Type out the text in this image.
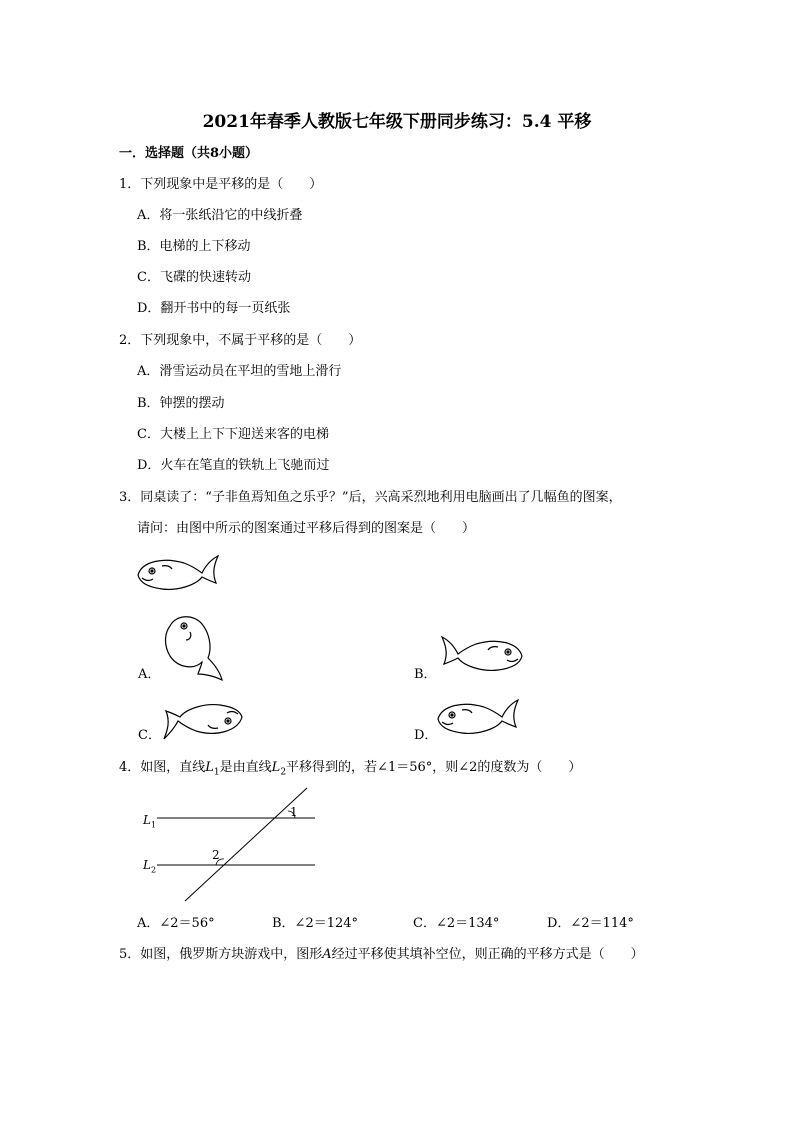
2021年春季人教版七年级下册同步练习：5.4 平移
一．选择题（共8小题）
1．下列现象中是平移的是（　　）
A．将一张纸沿它的中线折叠
B．电梯的上下移动
C．飞碟的快速转动
D．翻开书中的每一页纸张
2．下列现象中，不属于平移的是（　　）
A．滑雪运动员在平坦的雪地上滑行
B．钟摆的摆动
C．大楼上上下下迎送来客的电梯
D．火车在笔直的铁轨上飞驰而过
3．同桌读了：“子非鱼焉知鱼之乐乎？”后，兴高采烈地利用电脑画出了几幅鱼的图案，
请问：由图中所示的图案通过平移后得到的图案是（　　）
A．	B．
C．	D．
4．如图，直线$L_1$是由直线$L_2$平移得到的，若∠1＝56°，则∠2的度数为（　　）
$L_1$
$L_2$
1
2
A．∠2＝56°	B．∠2＝124°	C．∠2＝134°	D．∠2＝114°
5．如图，俄罗斯方块游戏中，图形A经过平移使其填补空位，则正确的平移方式是（　　）
